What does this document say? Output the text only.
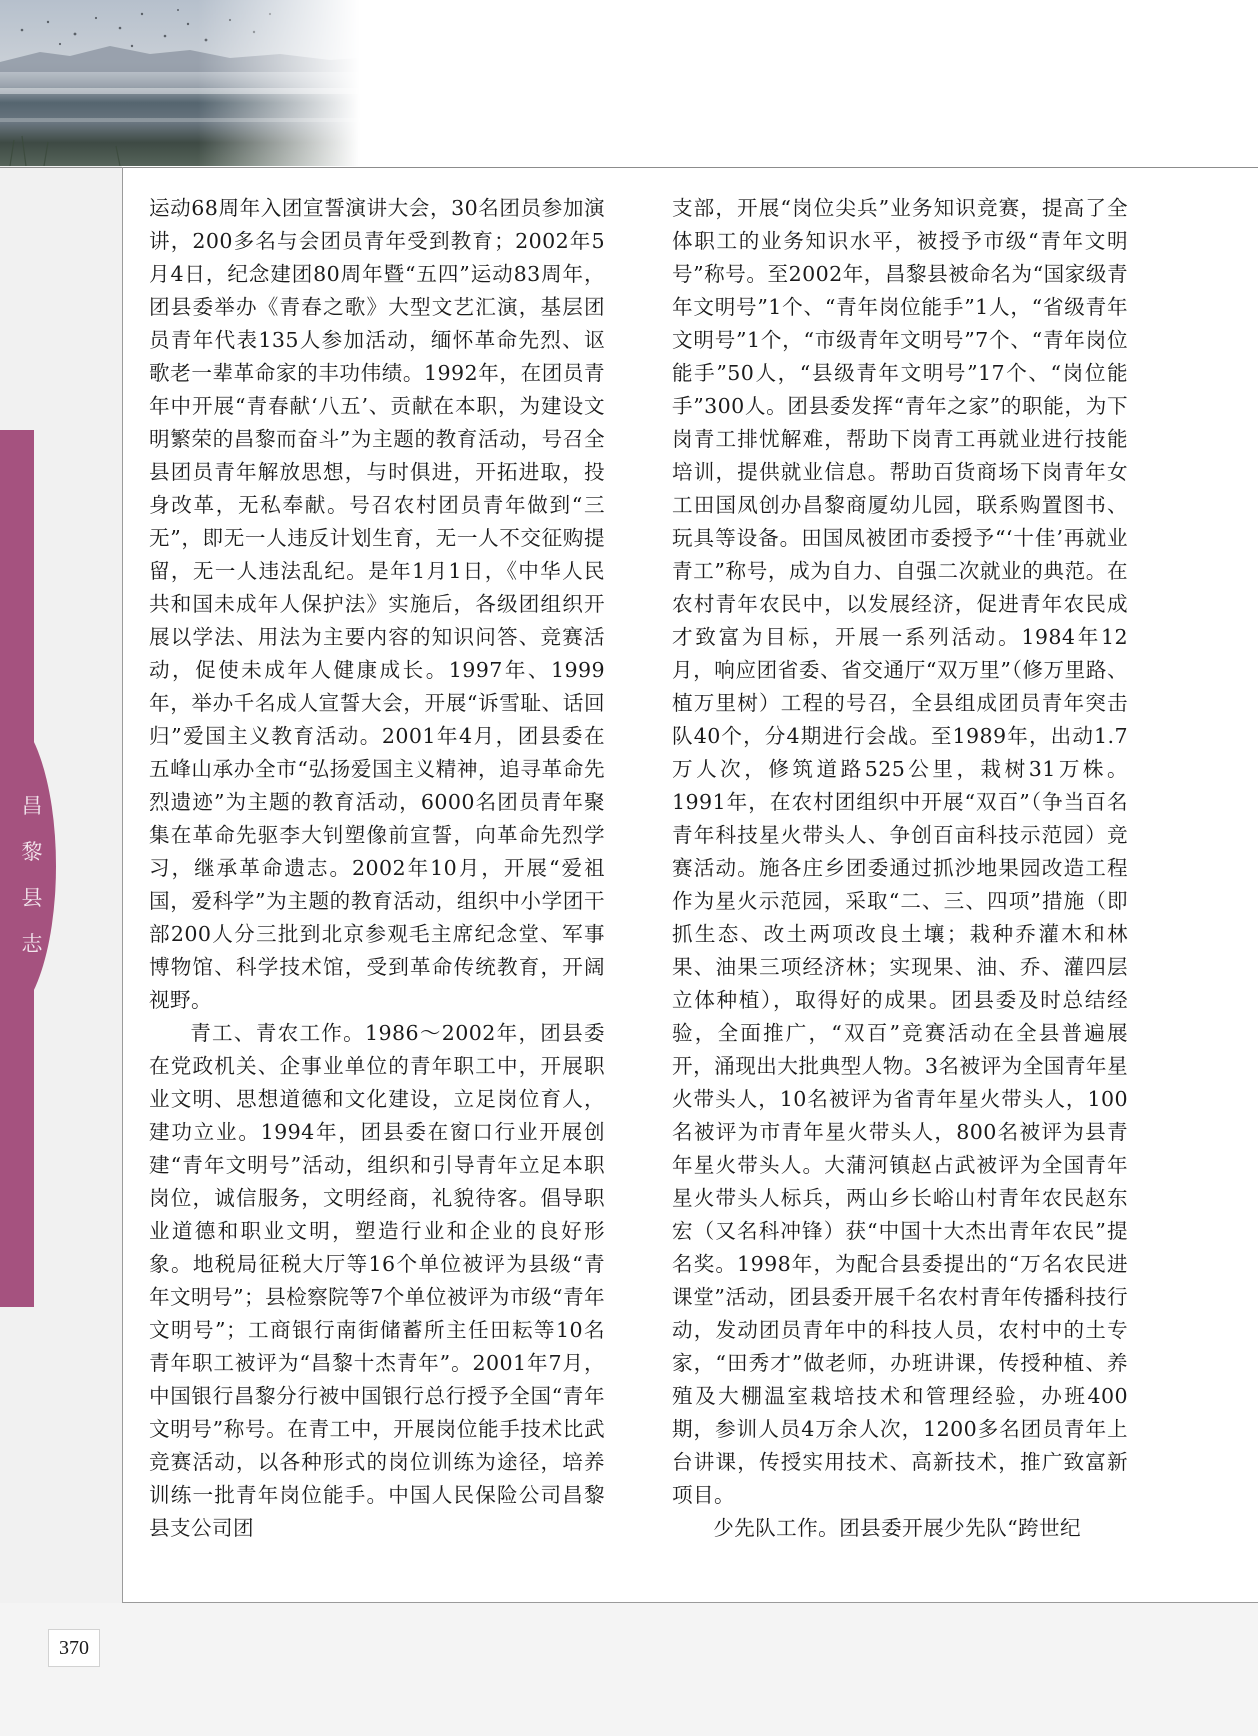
昌
黎
县
志

运动68周年入团宣誓演讲大会，30名团员参加演讲，200多名与会团员青年受到教育；2002年5月4日，纪念建团80周年暨“五四”运动83周年，团县委举办《青春之歌》大型文艺汇演，基层团员青年代表135人参加活动，缅怀革命先烈、讴歌老一辈革命家的丰功伟绩。1992年，在团员青年中开展“青春献‘八五’、贡献在本职，为建设文明繁荣的昌黎而奋斗”为主题的教育活动，号召全县团员青年解放思想，与时俱进，开拓进取，投身改革，无私奉献。号召农村团员青年做到“三无”，即无一人违反计划生育，无一人不交征购提留，无一人违法乱纪。是年1月1日，《中华人民共和国未成年人保护法》实施后，各级团组织开展以学法、用法为主要内容的知识问答、竞赛活动，促使未成年人健康成长。1997年、1999年，举办千名成人宣誓大会，开展“诉雪耻、话回归”爱国主义教育活动。2001年4月，团县委在五峰山承办全市“弘扬爱国主义精神，追寻革命先烈遗迹”为主题的教育活动，6000名团员青年聚集在革命先驱李大钊塑像前宣誓，向革命先烈学习，继承革命遗志。2002年10月，开展“爱祖国，爱科学”为主题的教育活动，组织中小学团干部200人分三批到北京参观毛主席纪念堂、军事博物馆、科学技术馆，受到革命传统教育，开阔视野。

青工、青农工作。1986～2002年，团县委在党政机关、企事业单位的青年职工中，开展职业文明、思想道德和文化建设，立足岗位育人，建功立业。1994年，团县委在窗口行业开展创建“青年文明号”活动，组织和引导青年立足本职岗位，诚信服务，文明经商，礼貌待客。倡导职业道德和职业文明，塑造行业和企业的良好形象。地税局征税大厅等16个单位被评为县级“青年文明号”；县检察院等7个单位被评为市级“青年文明号”；工商银行南街储蓄所主任田耘等10名青年职工被评为“昌黎十杰青年”。2001年7月，中国银行昌黎分行被中国银行总行授予全国“青年文明号”称号。在青工中，开展岗位能手技术比武竞赛活动，以各种形式的岗位训练为途径，培养训练一批青年岗位能手。中国人民保险公司昌黎县支公司团

支部，开展“岗位尖兵”业务知识竞赛，提高了全体职工的业务知识水平，被授予市级“青年文明号”称号。至2002年，昌黎县被命名为“国家级青年文明号”1个、“青年岗位能手”1人，“省级青年文明号”1个，“市级青年文明号”7个、“青年岗位能手”50人，“县级青年文明号”17个、“岗位能手”300人。团县委发挥“青年之家”的职能，为下岗青工排忧解难，帮助下岗青工再就业进行技能培训，提供就业信息。帮助百货商场下岗青年女工田国凤创办昌黎商厦幼儿园，联系购置图书、玩具等设备。田国凤被团市委授予“‘十佳’再就业青工”称号，成为自力、自强二次就业的典范。在农村青年农民中，以发展经济，促进青年农民成才致富为目标，开展一系列活动。1984年12月，响应团省委、省交通厅“双万里”（修万里路、植万里树）工程的号召，全县组成团员青年突击队40个，分4期进行会战。至1989年，出动1.7万人次，修筑道路525公里，栽树31万株。1991年，在农村团组织中开展“双百”（争当百名青年科技星火带头人、争创百亩科技示范园）竞赛活动。施各庄乡团委通过抓沙地果园改造工程作为星火示范园，采取“二、三、四项”措施（即抓生态、改土两项改良土壤；栽种乔灌木和林果、油果三项经济林；实现果、油、乔、灌四层立体种植），取得好的成果。团县委及时总结经验，全面推广，“双百”竞赛活动在全县普遍展开，涌现出大批典型人物。3名被评为全国青年星火带头人，10名被评为省青年星火带头人，100名被评为市青年星火带头人，800名被评为县青年星火带头人。大蒲河镇赵占武被评为全国青年星火带头人标兵，两山乡长峪山村青年农民赵东宏（又名科冲锋）获“中国十大杰出青年农民”提名奖。1998年，为配合县委提出的“万名农民进课堂”活动，团县委开展千名农村青年传播科技行动，发动团员青年中的科技人员，农村中的土专家，“田秀才”做老师，办班讲课，传授种植、养殖及大棚温室栽培技术和管理经验，办班400期，参训人员4万余人次，1200多名团员青年上台讲课，传授实用技术、高新技术，推广致富新项目。

少先队工作。团县委开展少先队“跨世纪

370
